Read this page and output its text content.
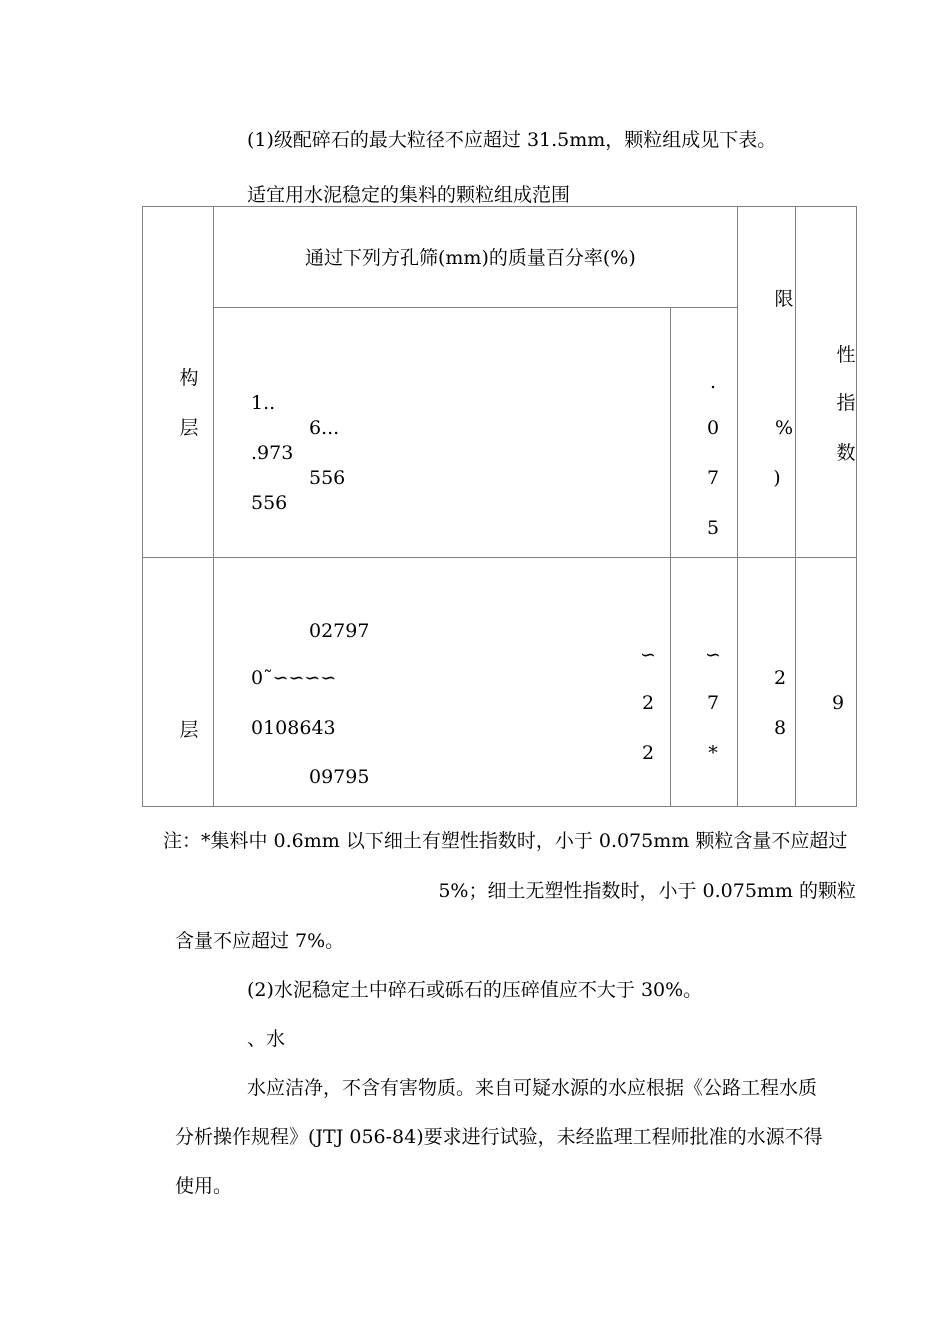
(1)级配碎石的最大粒径不应超过 31.5mm，颗粒组成见下表。
适宜用水泥稳定的集料的颗粒组成范围
通过下列方孔筛(mm)的质量百分率(%)
构
层
1..
.973
556
6...
556
.
0
7
5
限
%
)
性
指
数
层
02797
0˜∽∽∽∽
0108643
09795
∽
2
2
∽
7
*
2
8
9
注：*集料中 0.6mm 以下细土有塑性指数时，小于 0.075mm 颗粒含量不应超过
5%；细土无塑性指数时，小于 0.075mm 的颗粒
含量不应超过 7%。
(2)水泥稳定土中碎石或砾石的压碎值应不大于 30%。
、水
水应洁净，不含有害物质。来自可疑水源的水应根据《公路工程水质
分析操作规程》(JTJ 056-84)要求进行试验，未经监理工程师批准的水源不得
使用。
